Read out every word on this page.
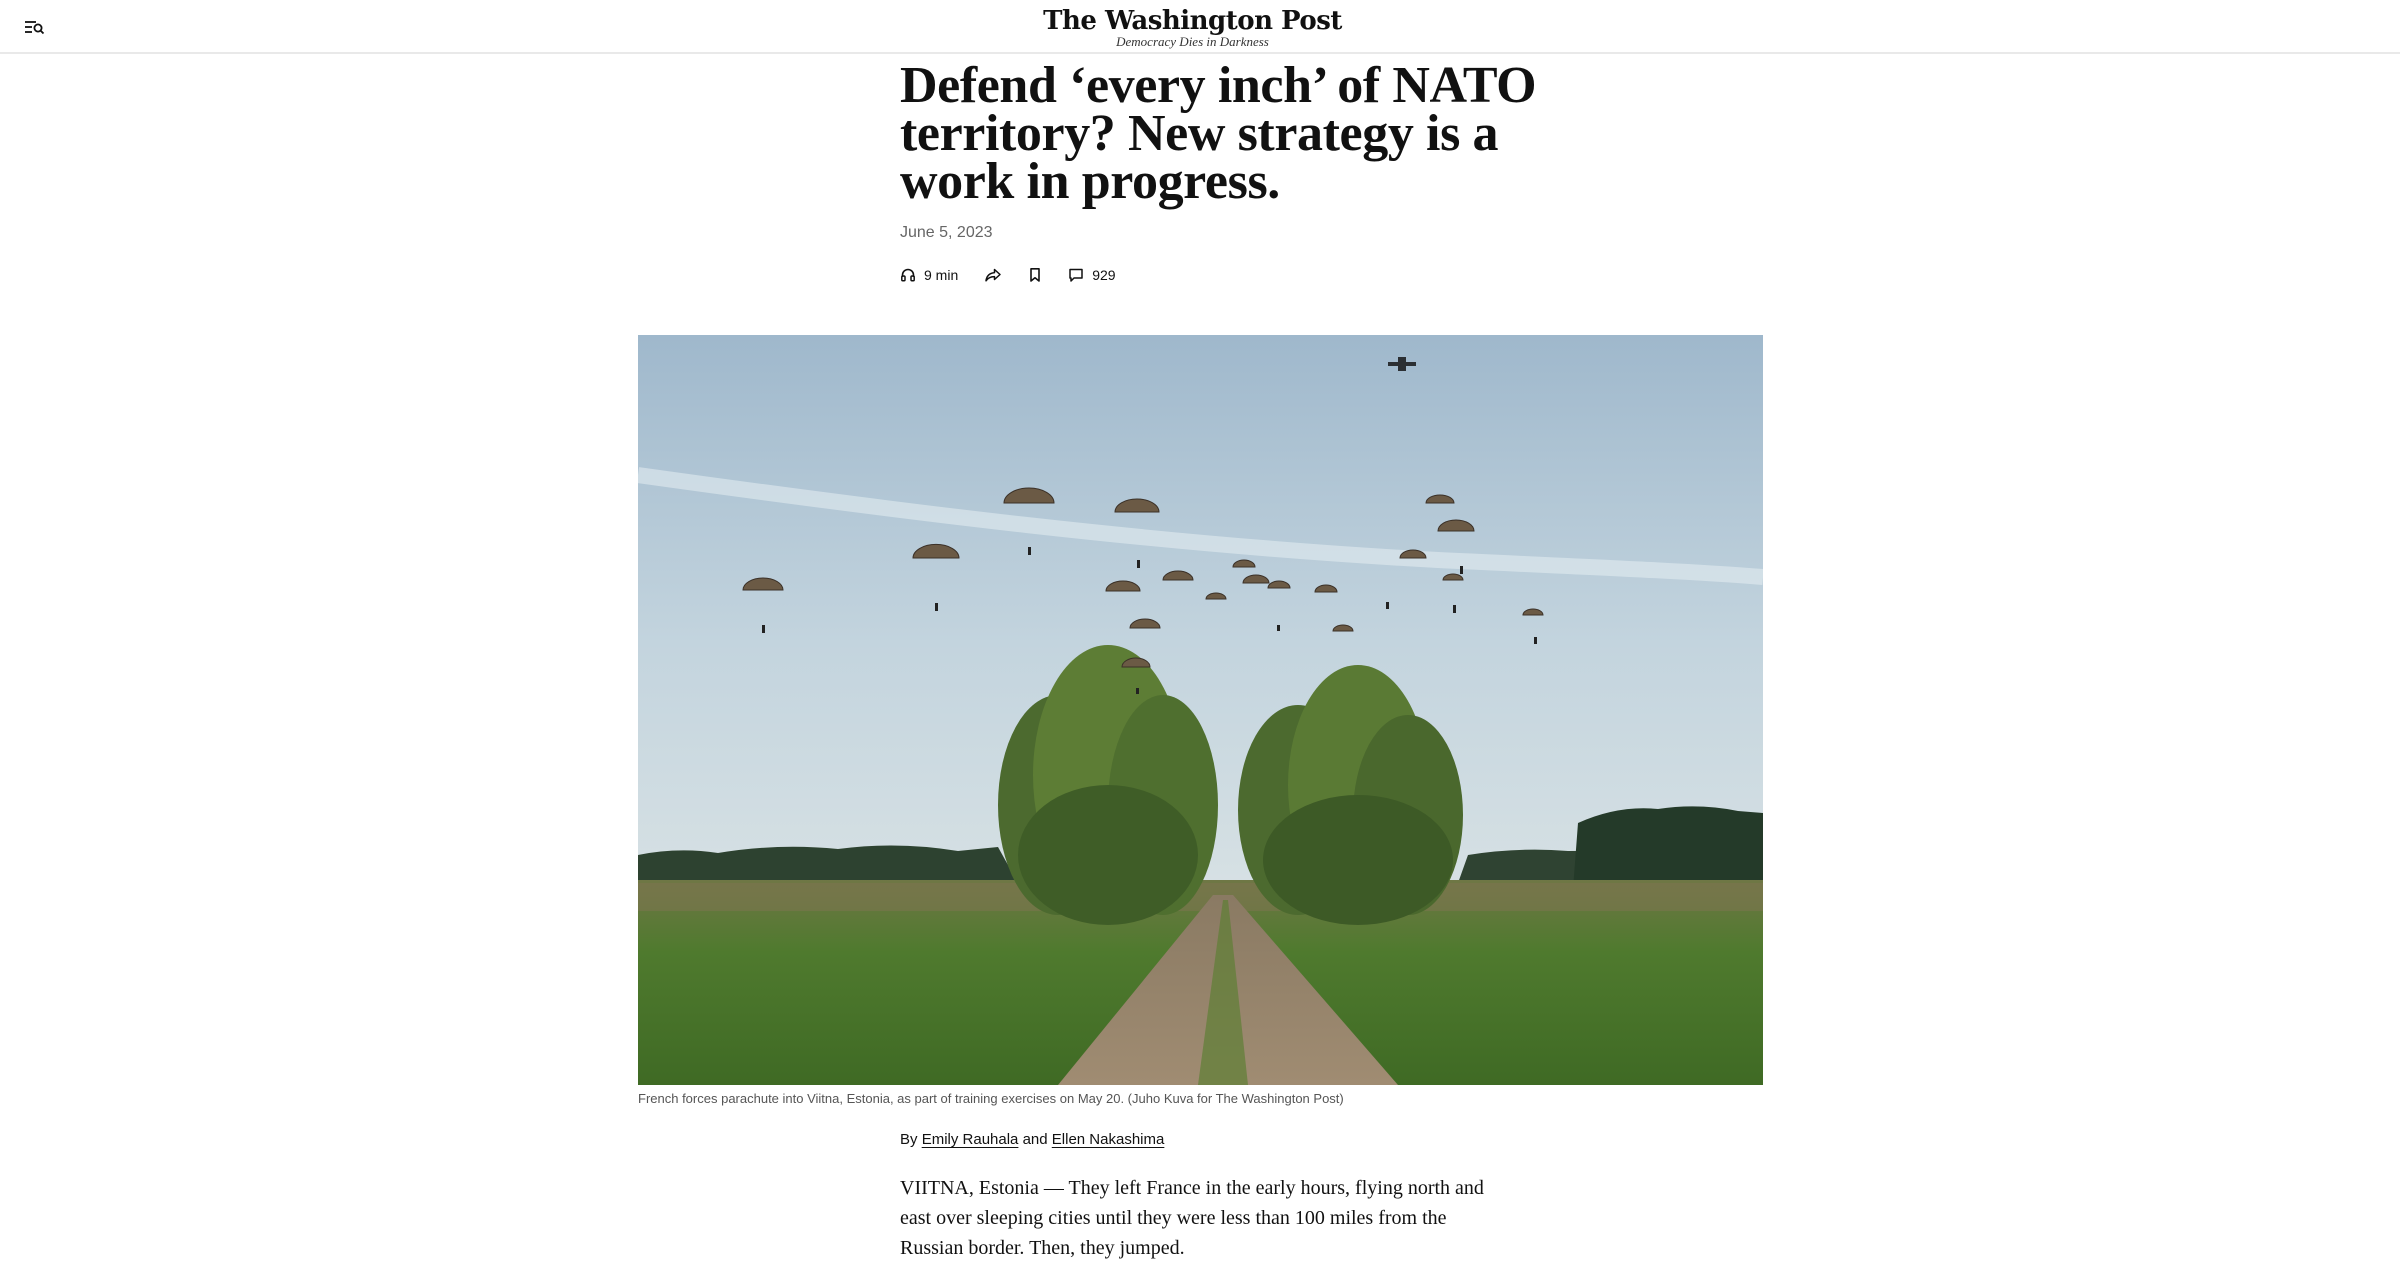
The Washington Post
Democracy Dies in Darkness
Defend ‘every inch’ of NATO territory? New strategy is a work in progress.
June 5, 2023
9 min	929
French forces parachute into Viitna, Estonia, as part of training exercises on May 20. (Juho Kuva for The Washington Post)
By Emily Rauhala and Ellen Nakashima

VIITNA, Estonia — They left France in the early hours, flying north and east over sleeping cities until they were less than 100 miles from the Russian border. Then, they jumped.
